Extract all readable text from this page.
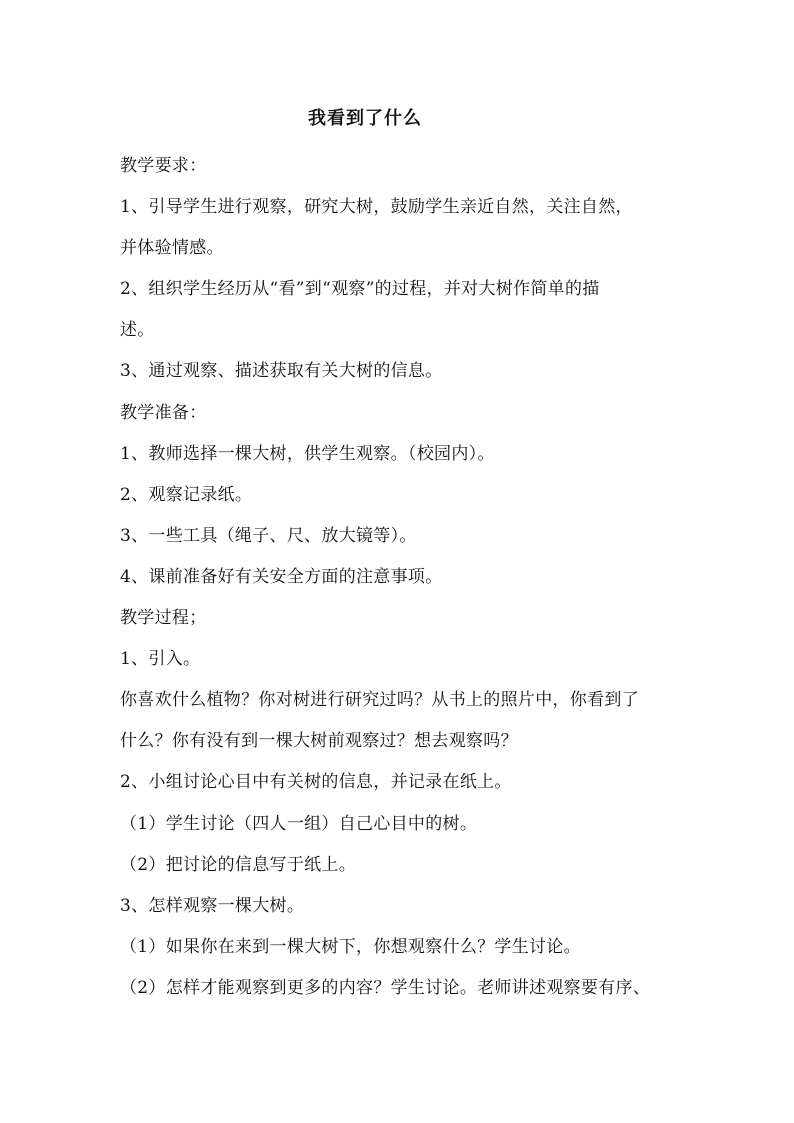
我看到了什么
教学要求：
1、引导学生进行观察，研究大树，鼓励学生亲近自然，关注自然，
并体验情感。
2、组织学生经历从“看”到“观察”的过程，并对大树作简单的描
述。
3、通过观察、描述获取有关大树的信息。
教学准备：
1、教师选择一棵大树，供学生观察。（校园内）。
2、观察记录纸。
3、一些工具（绳子、尺、放大镜等）。
4、课前准备好有关安全方面的注意事项。
教学过程；
1、引入。
你喜欢什么植物？你对树进行研究过吗？从书上的照片中，你看到了
什么？你有没有到一棵大树前观察过？想去观察吗？
2、小组讨论心目中有关树的信息，并记录在纸上。
（1）学生讨论（四人一组）自己心目中的树。
（2）把讨论的信息写于纸上。
3、怎样观察一棵大树。
（1）如果你在来到一棵大树下，你想观察什么？学生讨论。
（2）怎样才能观察到更多的内容？学生讨论。老师讲述观察要有序、
